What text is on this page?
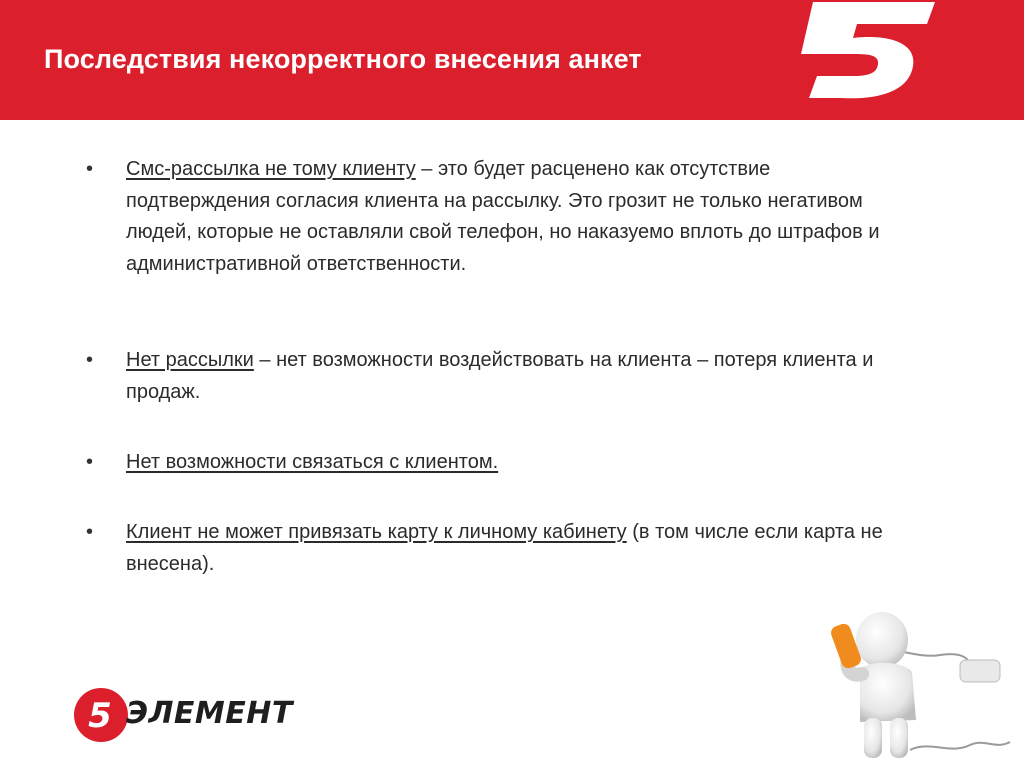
Последствия некорректного внесения анкет
• Смс-рассылка не тому клиенту – это будет расценено как отсутствие подтверждения согласия клиента на рассылку. Это грозит не только негативом людей, которые не оставляли свой телефон, но наказуемо вплоть до штрафов и административной ответственности.
• Нет рассылки – нет возможности воздействовать на клиента – потеря клиента и продаж.
• Нет возможности связаться с клиентом.
• Клиент не может привязать карту к личному кабинету (в том числе если карта не внесена).
5 ЭЛЕМЕНТ
